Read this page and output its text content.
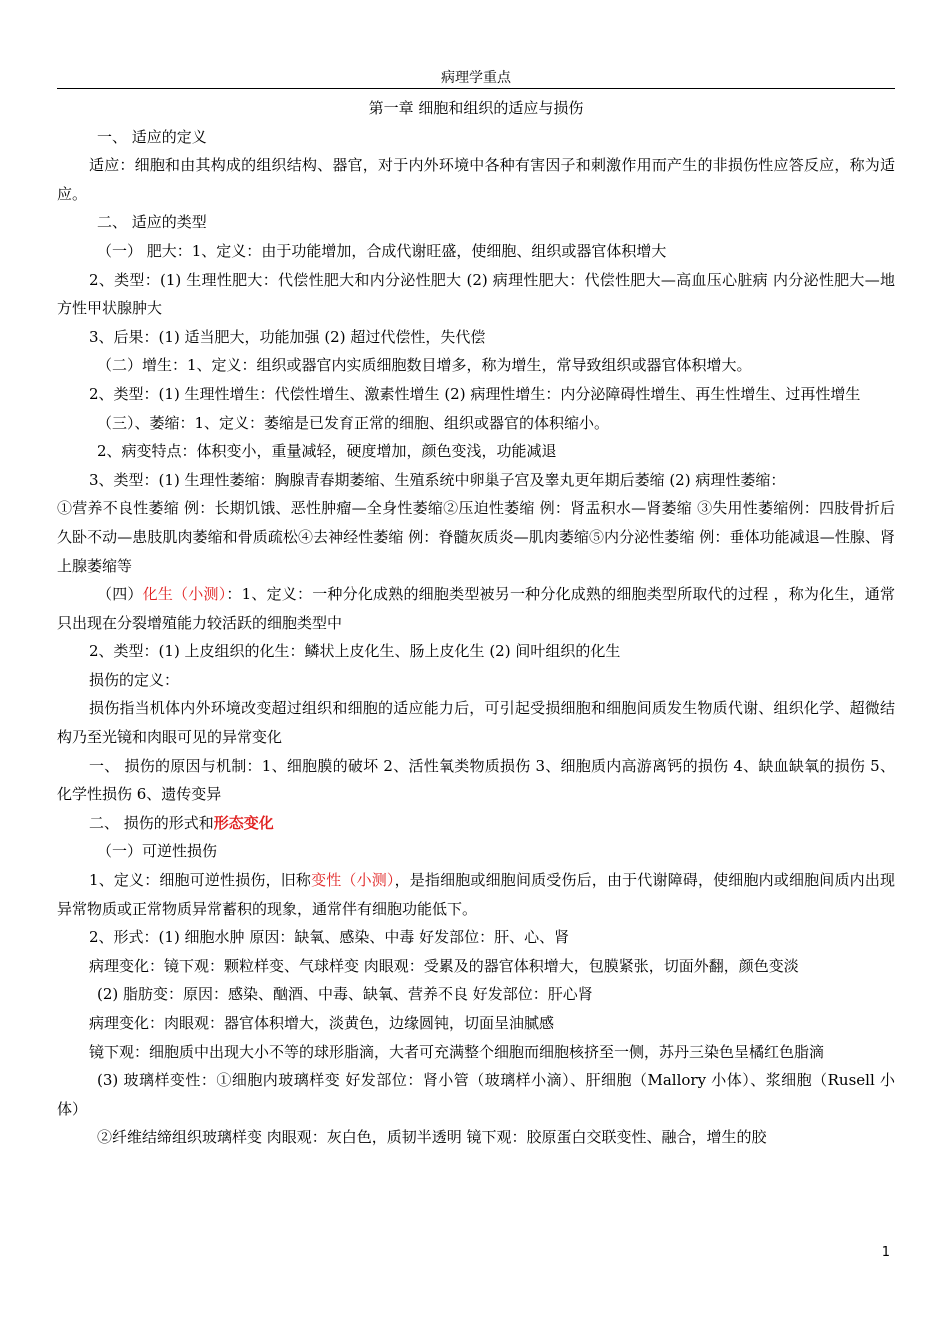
病理学重点

第一章 细胞和组织的适应与损伤

一、 适应的定义

适应：细胞和由其构成的组织结构、器官，对于内外环境中各种有害因子和刺激作用而产生的非损伤性应答反应，称为适应。

二、 适应的类型

（一） 肥大：1、定义：由于功能增加，合成代谢旺盛，使细胞、组织或器官体积增大

2、类型：(1) 生理性肥大：代偿性肥大和内分泌性肥大 (2) 病理性肥大：代偿性肥大—高血压心脏病 内分泌性肥大—地方性甲状腺肿大

3、后果：(1) 适当肥大，功能加强 (2) 超过代偿性，失代偿

（二）增生：1、定义：组织或器官内实质细胞数目增多，称为增生，常导致组织或器官体积增大。

2、类型：(1) 生理性增生：代偿性增生、激素性增生 (2) 病理性增生：内分泌障碍性增生、再生性增生、过再性增生

（三）、萎缩：1、定义：萎缩是已发育正常的细胞、组织或器官的体积缩小。

2、病变特点：体积变小，重量减轻，硬度增加，颜色变浅，功能减退

3、类型：(1) 生理性萎缩：胸腺青春期萎缩、生殖系统中卵巢子宫及睾丸更年期后萎缩 (2) 病理性萎缩：

①营养不良性萎缩 例：长期饥饿、恶性肿瘤—全身性萎缩②压迫性萎缩 例：肾盂积水—肾萎缩 ③失用性萎缩例：四肢骨折后久卧不动—患肢肌肉萎缩和骨质疏松④去神经性萎缩 例：脊髓灰质炎—肌肉萎缩⑤内分泌性萎缩 例：垂体功能减退—性腺、肾上腺萎缩等

（四）化生（小测）：1、定义：一种分化成熟的细胞类型被另一种分化成熟的细胞类型所取代的过程 ，称为化生，通常只出现在分裂增殖能力较活跃的细胞类型中

2、类型：(1) 上皮组织的化生：鳞状上皮化生、肠上皮化生 (2) 间叶组织的化生

损伤的定义：

损伤指当机体内外环境改变超过组织和细胞的适应能力后，可引起受损细胞和细胞间质发生物质代谢、组织化学、超微结构乃至光镜和肉眼可见的异常变化

一、 损伤的原因与机制：1、细胞膜的破坏 2、活性氧类物质损伤 3、细胞质内高游离钙的损伤 4、缺血缺氧的损伤 5、化学性损伤 6、遗传变异

二、 损伤的形式和形态变化

（一）可逆性损伤

1、定义：细胞可逆性损伤，旧称变性（小测），是指细胞或细胞间质受伤后，由于代谢障碍，使细胞内或细胞间质内出现异常物质或正常物质异常蓄积的现象，通常伴有细胞功能低下。

2、形式：(1) 细胞水肿 原因：缺氧、感染、中毒 好发部位：肝、心、肾

病理变化：镜下观：颗粒样变、气球样变 肉眼观：受累及的器官体积增大，包膜紧张，切面外翻，颜色变淡

(2) 脂肪变：原因：感染、酗酒、中毒、缺氧、营养不良 好发部位：肝心肾

病理变化：肉眼观：器官体积增大，淡黄色，边缘圆钝，切面呈油腻感

镜下观：细胞质中出现大小不等的球形脂滴，大者可充满整个细胞而细胞核挤至一侧，苏丹三染色呈橘红色脂滴

(3) 玻璃样变性：①细胞内玻璃样变 好发部位：肾小管（玻璃样小滴）、肝细胞（Mallory 小体）、浆细胞（Rusell 小体）

②纤维结缔组织玻璃样变 肉眼观：灰白色，质韧半透明 镜下观：胶原蛋白交联变性、融合，增生的胶

1
